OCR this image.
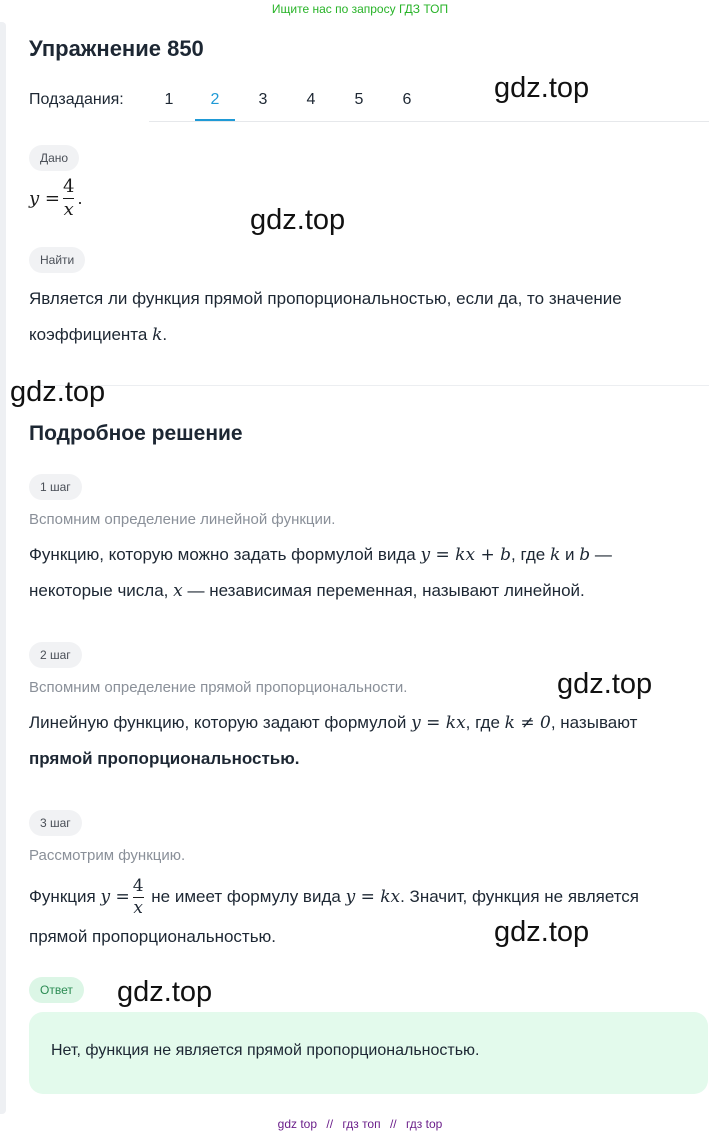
Ищите нас по запросу ГДЗ ТОП
Упражнение 850
Подзадания:	1	2	3	4	5	6
Дано
$y = \frac{4}{x}$ .
Найти
Является ли функция прямой пропорциональностью, если да, то значение
коэффициента k.
Подробное решение
1 шаг
Вспомним определение линейной функции.
Функцию, которую можно задать формулой вида y = kx + b, где k и b —
некоторые числа, x — независимая переменная, называют линейной.
2 шаг
Вспомним определение прямой пропорциональности.
Линейную функцию, которую задают формулой y = kx, где k ≠ 0, называют
прямой пропорциональностью.
3 шаг
Рассмотрим функцию.
Функция
$y = \frac{4}{x}$
не имеет формулу вида
y = kx . Значит, функция не является
прямой пропорциональностью.
Ответ
Нет, функция не является прямой пропорциональностью.
gdz.top
gdz.top
gdz.top
gdz.top
gdz.top
gdz.top
gdz top // гдз топ // гдз top
